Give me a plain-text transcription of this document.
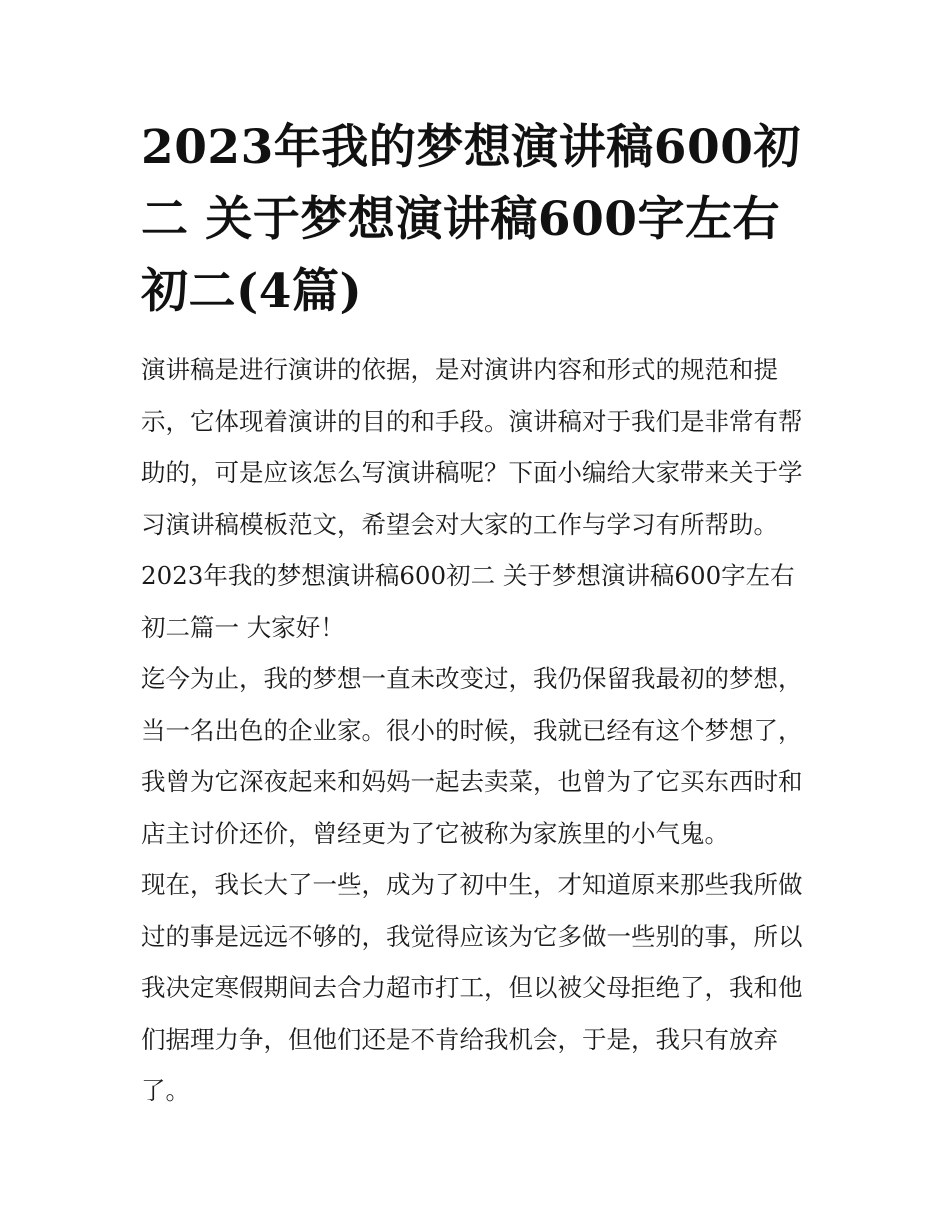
2023年我的梦想演讲稿600初
二 关于梦想演讲稿600字左右
初二(4篇)

演讲稿是进行演讲的依据，是对演讲内容和形式的规范和提
示，它体现着演讲的目的和手段。演讲稿对于我们是非常有帮
助的，可是应该怎么写演讲稿呢？下面小编给大家带来关于学
习演讲稿模板范文，希望会对大家的工作与学习有所帮助。

2023年我的梦想演讲稿600初二 关于梦想演讲稿600字左右
初二篇一 大家好！

迄今为止，我的梦想一直未改变过，我仍保留我最初的梦想，
当一名出色的企业家。很小的时候，我就已经有这个梦想了，
我曾为它深夜起来和妈妈一起去卖菜，也曾为了它买东西时和
店主讨价还价，曾经更为了它被称为家族里的小气鬼。

现在，我长大了一些，成为了初中生，才知道原来那些我所做
过的事是远远不够的，我觉得应该为它多做一些别的事，所以
我决定寒假期间去合力超市打工，但以被父母拒绝了，我和他
们据理力争，但他们还是不肯给我机会，于是，我只有放弃
了。
